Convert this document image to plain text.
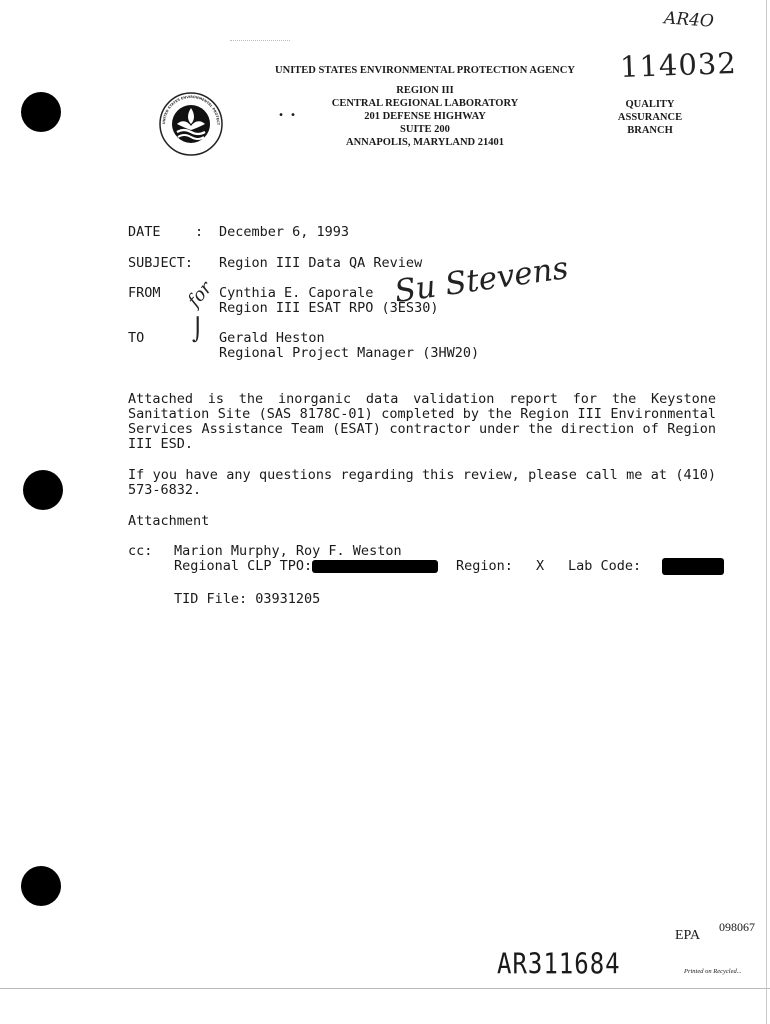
AR4O
114032
UNITED STATES ENVIRONMENTAL PROTECTION AGENCY
REGION III
CENTRAL REGIONAL LABORATORY
201 DEFENSE HIGHWAY
SUITE 200
ANNAPOLIS, MARYLAND 21401
QUALITY
ASSURANCE
BRANCH
UNITED STATES ENVIRONMENTAL PROTECT
• •
DATE	: December 6, 1993
SUBJECT: Region III Data QA Review
FROM	Cynthia E. Caporale
Region III ESAT RPO (3ES30)
for	Su Stevens
TO ⌡ Gerald Heston
Regional Project Manager (3HW20)
Attached is the inorganic data validation report for the Keystone Sanitation Site (SAS 8178C-01) completed by the Region III Environmental Services Assistance Team (ESAT) contractor under the direction of Region III ESD.
If you have any questions regarding this review, please call me at (410) 573-6832.
Attachment
cc: Marion Murphy, Roy F. Weston
Regional CLP TPO:	Region: X Lab Code:
TID File: 03931205
EPA
098067
AR311684	Printed on Recycled...
